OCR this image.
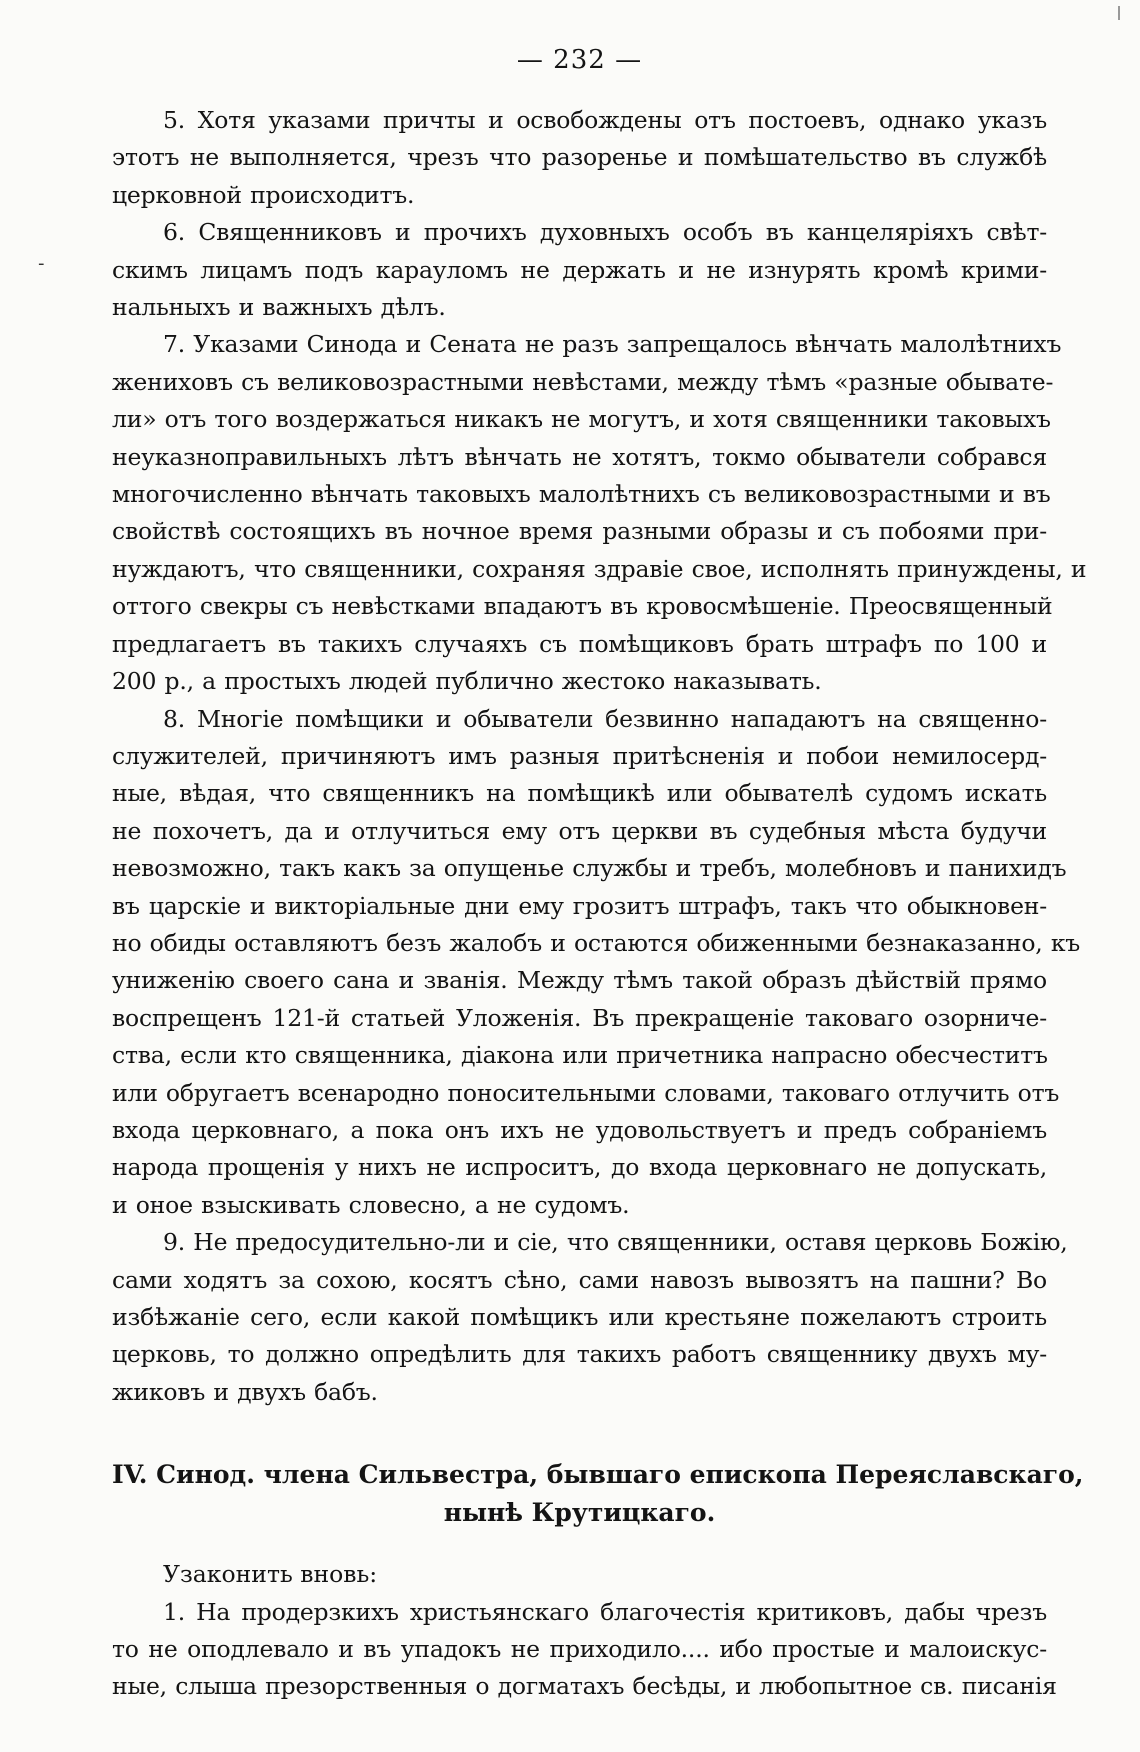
-
— 232 —
5. Хотя указами причты и освобождены отъ постоевъ, однако указъ
этотъ не выполняется, чрезъ что разоренье и помѣшательство въ службѣ
церковной происходитъ.
6. Священниковъ и прочихъ духовныхъ особъ въ канцеляріяхъ свѣт-
скимъ лицамъ подъ карауломъ не держать и не изнурять кромѣ крими-
нальныхъ и важныхъ дѣлъ.
7. Указами Синода и Сената не разъ запрещалось вѣнчать малолѣтнихъ
жениховъ съ великовозрастными невѣстами, между тѣмъ «разные обывате-
ли» отъ того воздержаться никакъ не могутъ, и хотя священники таковыхъ
неуказноправильныхъ лѣтъ вѣнчать не хотятъ, токмо обыватели собрався
многочисленно вѣнчать таковыхъ малолѣтнихъ съ великовозрастными и въ
свойствѣ состоящихъ въ ночное время разными образы и съ побоями при-
нуждаютъ, что священники, сохраняя здравіе свое, исполнять принуждены, и
оттого свекры съ невѣстками впадаютъ въ кровосмѣшеніе. Преосвященный
предлагаетъ въ такихъ случаяхъ съ помѣщиковъ брать штрафъ по 100 и
200 р., а простыхъ людей публично жестоко наказывать.
8. Многіе помѣщики и обыватели безвинно нападаютъ на священно-
служителей, причиняютъ имъ разныя притѣсненія и побои немилосерд-
ные, вѣдая, что священникъ на помѣщикѣ или обывателѣ судомъ искать
не похочетъ, да и отлучиться ему отъ церкви въ судебныя мѣста будучи
невозможно, такъ какъ за опущенье службы и требъ, молебновъ и панихидъ
въ царскіе и викторіальные дни ему грозитъ штрафъ, такъ что обыкновен-
но обиды оставляютъ безъ жалобъ и остаются обиженными безнаказанно, къ
униженію своего сана и званія. Между тѣмъ такой образъ дѣйствій прямо
воспрещенъ 121-й статьей Уложенія. Въ прекращеніе таковаго озорниче-
ства, если кто священника, діакона или причетника напрасно обесчеститъ
или обругаетъ всенародно поносительными словами, таковаго отлучить отъ
входа церковнаго, а пока онъ ихъ не удовольствуетъ и предъ собраніемъ
народа прощенія у нихъ не испроситъ, до входа церковнаго не допускать,
и оное взыскивать словесно, а не судомъ.
9. Не предосудительно-ли и сіе, что священники, оставя церковь Божію,
сами ходятъ за сохою, косятъ сѣно, сами навозъ вывозятъ на пашни? Во
избѣжаніе сего, если какой помѣщикъ или крестьяне пожелаютъ строить
церковь, то должно опредѣлить для такихъ работъ священнику двухъ му-
жиковъ и двухъ бабъ.
IV. Синод. члена Сильвестра, бывшаго епископа Переяславскаго,
нынѣ Крутицкаго.
Узаконить вновь:
1. На продерзкихъ христьянскаго благочестія критиковъ, дабы чрезъ
то не оподлевало и въ упадокъ не приходило.... ибо простые и малоискус-
ные, слыша презорственныя о догматахъ бесѣды, и любопытное св. писанія
